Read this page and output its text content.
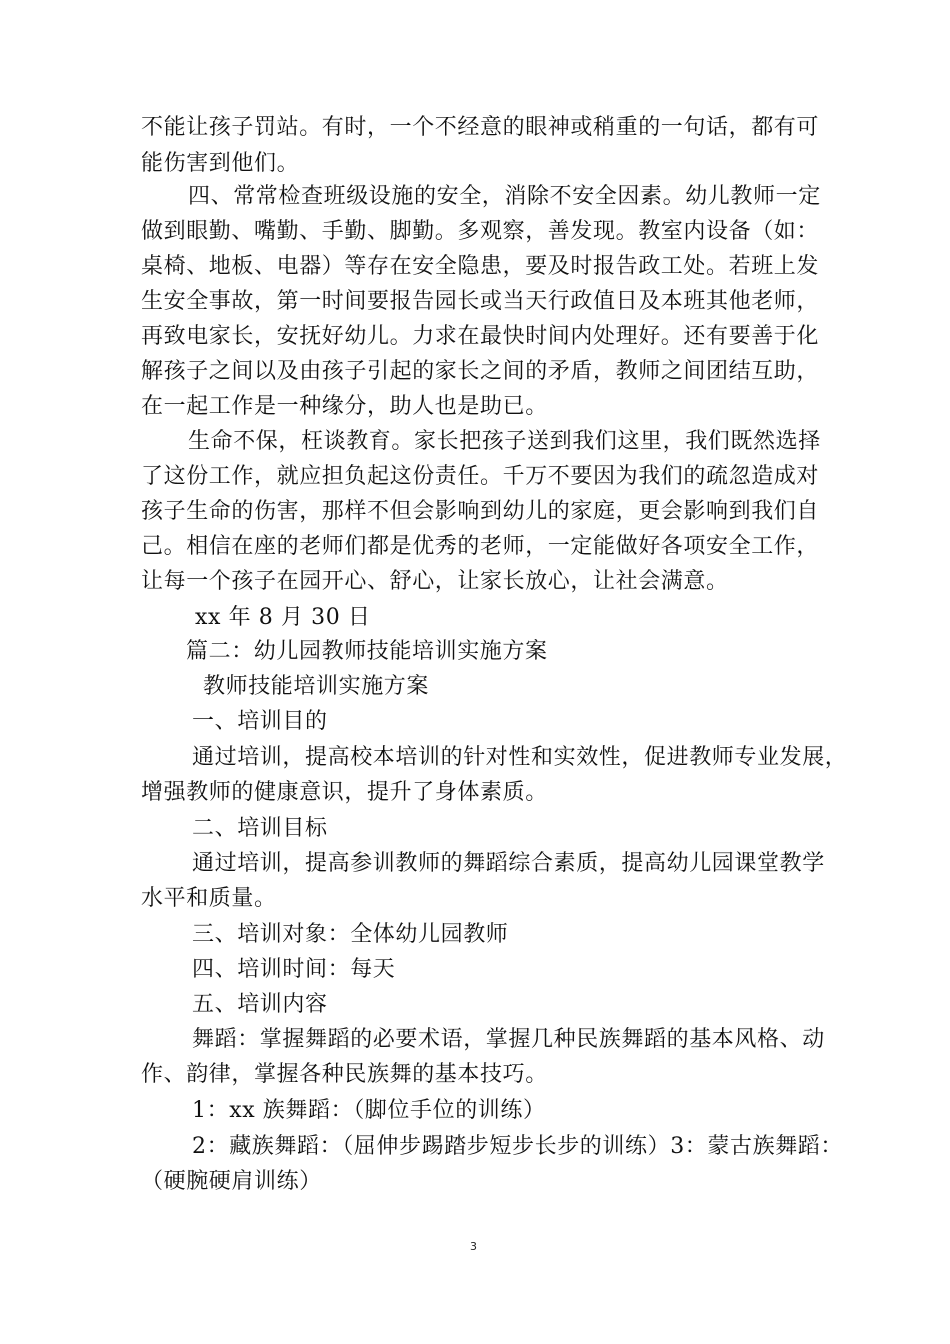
不能让孩子罚站。有时，一个不经意的眼神或稍重的一句话，都有可
能伤害到他们。
四、常常检查班级设施的安全，消除不安全因素。幼儿教师一定
做到眼勤、嘴勤、手勤、脚勤。多观察，善发现。教室内设备（如：
桌椅、地板、电器）等存在安全隐患，要及时报告政工处。若班上发
生安全事故，第一时间要报告园长或当天行政值日及本班其他老师，
再致电家长，安抚好幼儿。力求在最快时间内处理好。还有要善于化
解孩子之间以及由孩子引起的家长之间的矛盾，教师之间团结互助，
在一起工作是一种缘分，助人也是助已。
生命不保，枉谈教育。家长把孩子送到我们这里，我们既然选择
了这份工作，就应担负起这份责任。千万不要因为我们的疏忽造成对
孩子生命的伤害，那样不但会影响到幼儿的家庭，更会影响到我们自
己。相信在座的老师们都是优秀的老师，一定能做好各项安全工作，
让每一个孩子在园开心、舒心，让家长放心，让社会满意。
xx 年 8 月 30 日
篇二：幼儿园教师技能培训实施方案
教师技能培训实施方案
一、培训目的
通过培训，提高校本培训的针对性和实效性，促进教师专业发展，
增强教师的健康意识，提升了身体素质。
二、培训目标
通过培训，提高参训教师的舞蹈综合素质，提高幼儿园课堂教学
水平和质量。
三、培训对象：全体幼儿园教师
四、培训时间：每天
五、培训内容
舞蹈：掌握舞蹈的必要术语，掌握几种民族舞蹈的基本风格、动
作、韵律，掌握各种民族舞的基本技巧。
1：xx 族舞蹈：（脚位手位的训练）
2：藏族舞蹈：（屈伸步踢踏步短步长步的训练）3：蒙古族舞蹈：
（硬腕硬肩训练）
3
